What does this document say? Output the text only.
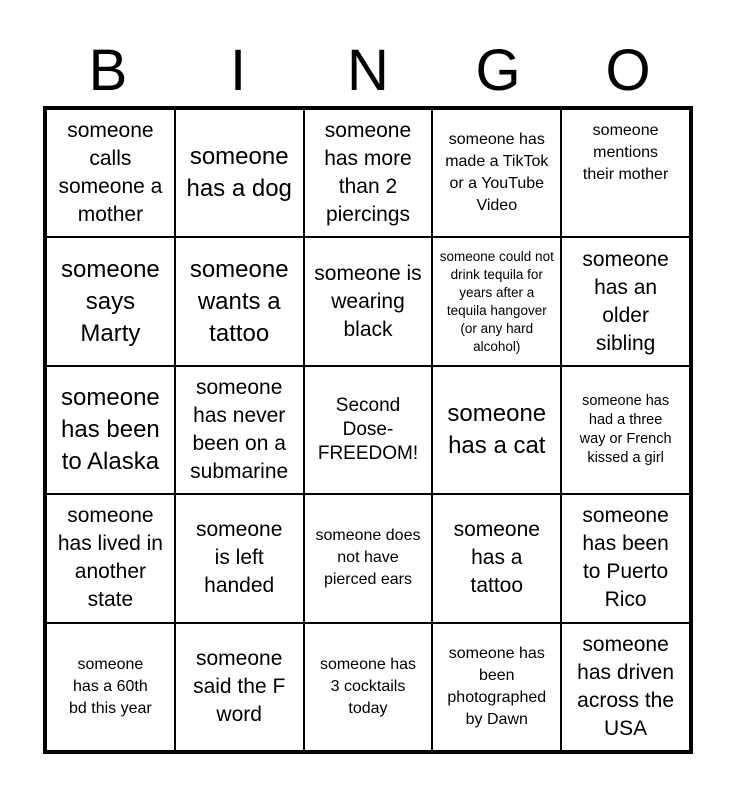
B	I	N	G	O
someone calls someone a mother
someone has a dog
someone has more than 2 piercings
someone has made a TikTok or a YouTube Video
someone mentions their mother
someone says Marty
someone wants a tattoo
someone is wearing black
someone could not drink tequila for years after a tequila hangover (or any hard alcohol)
someone has an older sibling
someone has been to Alaska
someone has never been on a submarine
Second Dose- FREEDOM!
someone has a cat
someone has had a three way or French kissed a girl
someone has lived in another state
someone is left handed
someone does not have pierced ears
someone has a tattoo
someone has been to Puerto Rico
someone has a 60th bd this year
someone said the F word
someone has 3 cocktails today
someone has been photographed by Dawn
someone has driven across the USA
